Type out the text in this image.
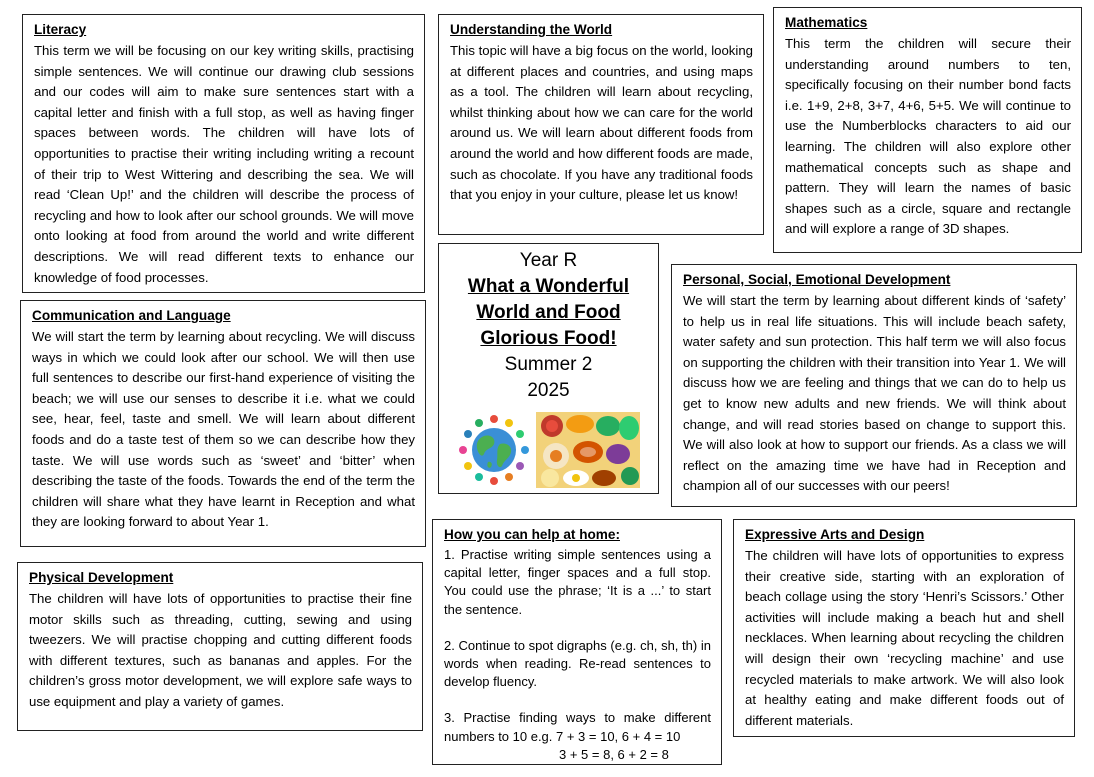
Literacy

This term we will be focusing on our key writing skills, practising simple sentences. We will continue our drawing club sessions and our codes will aim to make sure sentences start with a capital letter and finish with a full stop, as well as having finger spaces between words. The children will have lots of opportunities to practise their writing including writing a recount of their trip to West Wittering and describing the sea. We will read ‘Clean Up!’ and the children will describe the process of recycling and how to look after our school grounds. We will move onto looking at food from around the world and write different descriptions. We will read different texts to enhance our knowledge of food processes.

Understanding the World

This topic will have a big focus on the world, looking at different places and countries, and using maps as a tool. The children will learn about recycling, whilst thinking about how we can care for the world around us. We will learn about different foods from around the world and how different foods are made, such as chocolate. If you have any traditional foods that you enjoy in your culture, please let us know!

Mathematics

This term the children will secure their understanding around numbers to ten, specifically focusing on their number bond facts i.e. 1+9, 2+8, 3+7, 4+6, 5+5. We will continue to use the Numberblocks characters to aid our learning. The children will also explore other mathematical concepts such as shape and pattern. They will learn the names of basic shapes such as a circle, square and rectangle and will explore a range of 3D shapes.

Communication and Language

We will start the term by learning about recycling. We will discuss ways in which we could look after our school. We will then use full sentences to describe our first-hand experience of visiting the beach; we will use our senses to describe it i.e. what we could see, hear, feel, taste and smell. We will learn about different foods and do a taste test of them so we can describe how they taste. We will use words such as ‘sweet’ and ‘bitter’ when describing the taste of the foods. Towards the end of the term the children will share what they have learnt in Reception and what they are looking forward to about Year 1.

Year R
What a Wonderful
World and Food
Glorious Food!
Summer 2
2025
Personal, Social, Emotional Development

We will start the term by learning about different kinds of ‘safety’ to help us in real life situations. This will include beach safety, water safety and sun protection. This half term we will also focus on supporting the children with their transition into Year 1. We will discuss how we are feeling and things that we can do to help us get to know new adults and new friends. We will think about change, and will read stories based on change to support this. We will also look at how to support our friends. As a class we will reflect on the amazing time we have had in Reception and champion all of our successes with our peers!

Physical Development

The children will have lots of opportunities to practise their fine motor skills such as threading, cutting, sewing and using tweezers. We will practise chopping and cutting different foods with different textures, such as bananas and apples. For the children’s gross motor development, we will explore safe ways to use equipment and play a variety of games.

How you can help at home:

1. Practise writing simple sentences using a capital letter, finger spaces and a full stop. You could use the phrase; ‘It is a ...’ to start the sentence.

2. Continue to spot digraphs (e.g. ch, sh, th) in words when reading. Re-read sentences to develop fluency.

3. Practise finding ways to make different numbers to 10 e.g. 7 + 3 = 10, 6 + 4 = 10
3 + 5 = 8, 6 + 2 = 8

Expressive Arts and Design

The children will have lots of opportunities to express their creative side, starting with an exploration of beach collage using the story ‘Henri’s Scissors.’ Other activities will include making a beach hut and shell necklaces. When learning about recycling the children will design their own ‘recycling machine’ and use recycled materials to make artwork. We will also look at healthy eating and make different foods out of different materials.
